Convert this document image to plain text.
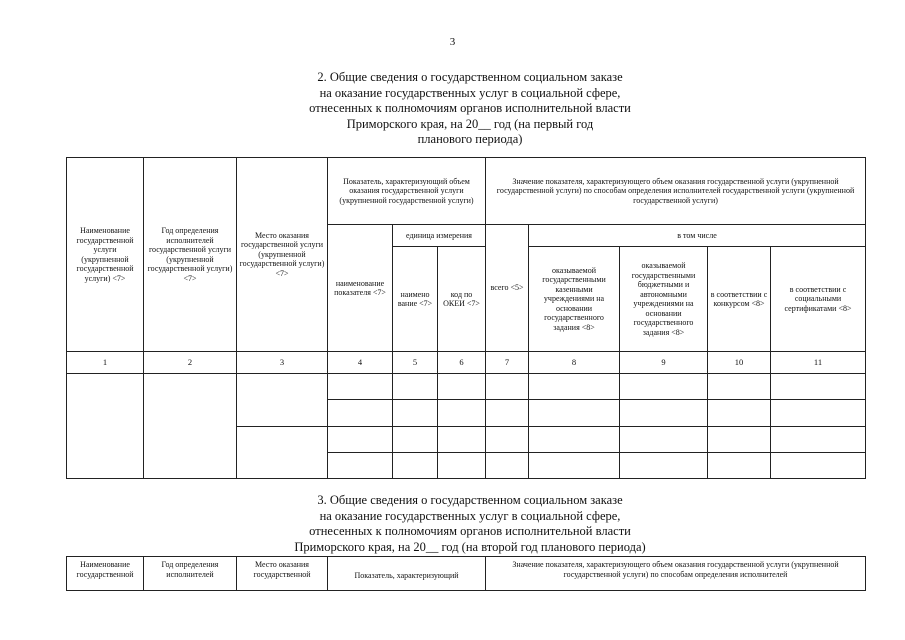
3
2. Общие сведения о государственном социальном заказе
на оказание государственных услуг в социальной сфере,
отнесенных к полномочиям органов исполнительной власти
Приморского края, на 20__ год (на первый год
планового периода)
Наименование государственной услуги (укрупненной государственной услуги) <7>	Год определения исполнителей государственной услуги (укрупненной государственной услуги) <7>	Место оказания государственной услуги (укрупненной государственной услуги) <7>	Показатель, характеризующий объем оказания государственной услуги (укрупненной государственной услуги)			Значение показателя, характеризующего объем оказания государственной услуги (укрупненной государственной услуги) по способам определения исполнителей государственной услуги (укрупненной государственной услуги)				
			наименование показателя <7>	единица измерения		всего <5>	в том числе			
				наимено вание <7>	код по ОКЕИ <7>		оказываемой государственными казенными учреждениями на основании государственного задания <8>	оказываемой государственными бюджетными и автономными учреждениями на основании государственного задания <8>	в соответствии с конкурсом <8>	в соответствии с социальными сертификатами <8>
1	2	3	4	5	6	7	8	9	10	11

3. Общие сведения о государственном социальном заказе
на оказание государственных услуг в социальной сфере,
отнесенных к полномочиям органов исполнительной власти
Приморского края, на 20__ год (на второй год планового периода)
Наименование государственной	Год определения исполнителей	Место оказания государственной	Показатель, характеризующий	Значение показателя, характеризующего объем оказания государственной услуги (укрупненной государственной услуги) по способам определения исполнителей
